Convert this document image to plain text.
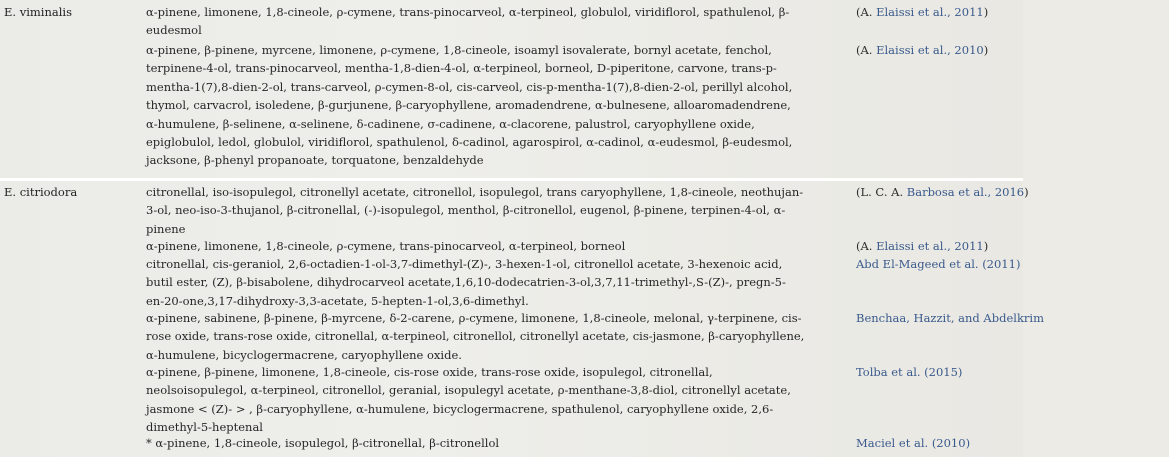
E. viminalis	α-pinene, limonene, 1,8-cineole, ρ-cymene, trans-pinocarveol, α-terpineol, globulol, viridiflorol, spathulenol, β-
eudesmol
(A. Elaissi et al., 2011)
α-pinene, β-pinene, myrcene, limonene, ρ-cymene, 1,8-cineole, isoamyl isovalerate, bornyl acetate, fenchol,
terpinene-4-ol, trans-pinocarveol, mentha-1,8-dien-4-ol, α-terpineol, borneol, D-piperitone, carvone, trans-p-
mentha-1(7),8-dien-2-ol, trans-carveol, ρ-cymen-8-ol, cis-carveol, cis-p-mentha-1(7),8-dien-2-ol, perillyl alcohol,
thymol, carvacrol, isoledene, β-gurjunene, β-caryophyllene, aromadendrene, α-bulnesene, alloaromadendrene,
α-humulene, β-selinene, α-selinene, δ-cadinene, σ-cadinene, α-clacorene, palustrol, caryophyllene oxide,
epiglobulol, ledol, globulol, viridiflorol, spathulenol, δ-cadinol, agarospirol, α-cadinol, α-eudesmol, β-eudesmol,
jacksone, β-phenyl propanoate, torquatone, benzaldehyde
(A. Elaissi et al., 2010)
E. citriodora	citronellal, iso-isopulegol, citronellyl acetate, citronellol, isopulegol, trans caryophyllene, 1,8-cineole, neothujan-
3-ol, neo-iso-3-thujanol, β-citronellal, (-)-isopulegol, menthol, β-citronellol, eugenol, β-pinene, terpinen-4-ol, α-
pinene
(L. C. A. Barbosa et al., 2016)
α-pinene, limonene, 1,8-cineole, ρ-cymene, trans-pinocarveol, α-terpineol, borneol	(A. Elaissi et al., 2011)
citronellal, cis-geraniol, 2,6-octadien-1-ol-3,7-dimethyl-(Z)-, 3-hexen-1-ol, citronellol acetate, 3-hexenoic acid,
butil ester, (Z), β-bisabolene, dihydrocarveol acetate,1,6,10-dodecatrien-3-ol,3,7,11-trimethyl-,S-(Z)-, pregn-5-
en-20-one,3,17-dihydroxy-3,3-acetate, 5-hepten-1-ol,3,6-dimethyl.
Abd El-Mageed et al. (2011)
α-pinene, sabinene, β-pinene, β-myrcene, δ-2-carene, ρ-cymene, limonene, 1,8-cineole, melonal, γ-terpinene, cis-
rose oxide, trans-rose oxide, citronellal, α-terpineol, citronellol, citronellyl acetate, cis-jasmone, β-caryophyllene,
α-humulene, bicyclogermacrene, caryophyllene oxide.
Benchaa, Hazzit, and Abdelkrim
α-pinene, β-pinene, limonene, 1,8-cineole, cis-rose oxide, trans-rose oxide, isopulegol, citronellal,
neolsoisopulegol, α-terpineol, citronellol, geranial, isopulegyl acetate, ρ-menthane-3,8-diol, citronellyl acetate,
jasmone < (Z)- > , β-caryophyllene, α-humulene, bicyclogermacrene, spathulenol, caryophyllene oxide, 2,6-
dimethyl-5-heptenal
Tolba et al. (2015)
* α-pinene, 1,8-cineole, isopulegol, β-citronellal, β-citronellol	Maciel et al. (2010)
